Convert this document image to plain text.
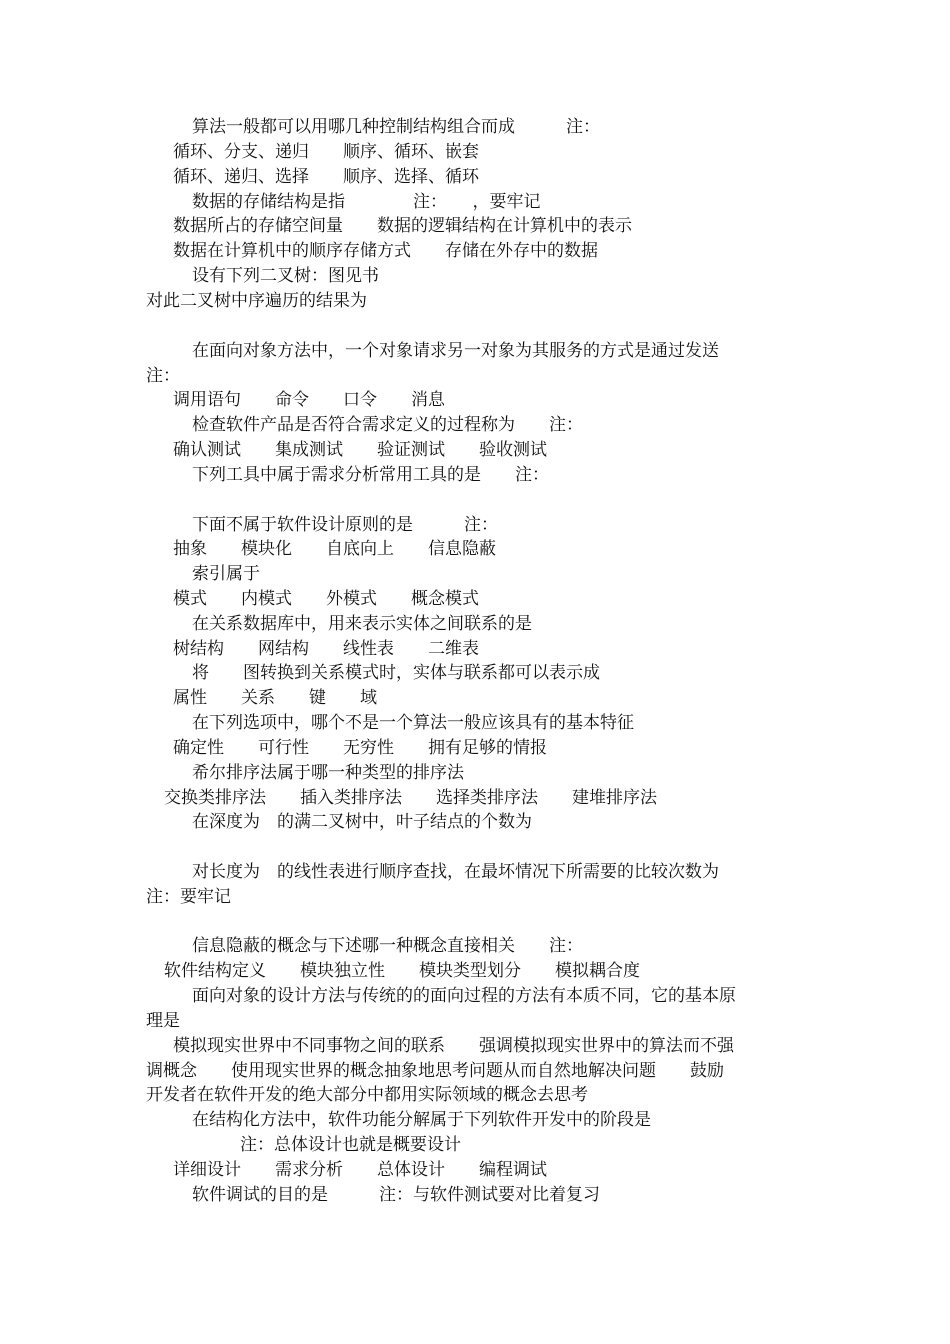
算法一般都可以用哪几种控制结构组合而成　　　注：
循环、分支、递归　　顺序、循环、嵌套
循环、递归、选择　　顺序、选择、循环
数据的存储结构是指　　　　注：　　，要牢记
数据所占的存储空间量　　数据的逻辑结构在计算机中的表示
数据在计算机中的顺序存储方式　　存储在外存中的数据
设有下列二叉树：图见书
对此二叉树中序遍历的结果为
在面向对象方法中，一个对象请求另一对象为其服务的方式是通过发送
注：
调用语句　　命令　　口令　　消息
检查软件产品是否符合需求定义的过程称为　　注：
确认测试　　集成测试　　验证测试　　验收测试
下列工具中属于需求分析常用工具的是　　注：
下面不属于软件设计原则的是　　　注：
抽象　　模块化　　自底向上　　信息隐蔽
索引属于
模式　　内模式　　外模式　　概念模式
在关系数据库中，用来表示实体之间联系的是
树结构　　网结构　　线性表　　二维表
将　　图转换到关系模式时，实体与联系都可以表示成
属性　　关系　　键　　域
在下列选项中，哪个不是一个算法一般应该具有的基本特征
确定性　　可行性　　无穷性　　拥有足够的情报
希尔排序法属于哪一种类型的排序法
交换类排序法　　插入类排序法　　选择类排序法　　建堆排序法
在深度为　的满二叉树中，叶子结点的个数为
对长度为　的线性表进行顺序查找，在最坏情况下所需要的比较次数为
注：要牢记
信息隐蔽的概念与下述哪一种概念直接相关　　注：
软件结构定义　　模块独立性　　模块类型划分　　模拟耦合度
面向对象的设计方法与传统的的面向过程的方法有本质不同，它的基本原
理是
模拟现实世界中不同事物之间的联系　　强调模拟现实世界中的算法而不强
调概念　　使用现实世界的概念抽象地思考问题从而自然地解决问题　　鼓励
开发者在软件开发的绝大部分中都用实际领域的概念去思考
在结构化方法中，软件功能分解属于下列软件开发中的阶段是
注：总体设计也就是概要设计
详细设计　　需求分析　　总体设计　　编程调试
软件调试的目的是　　　注：与软件测试要对比着复习
